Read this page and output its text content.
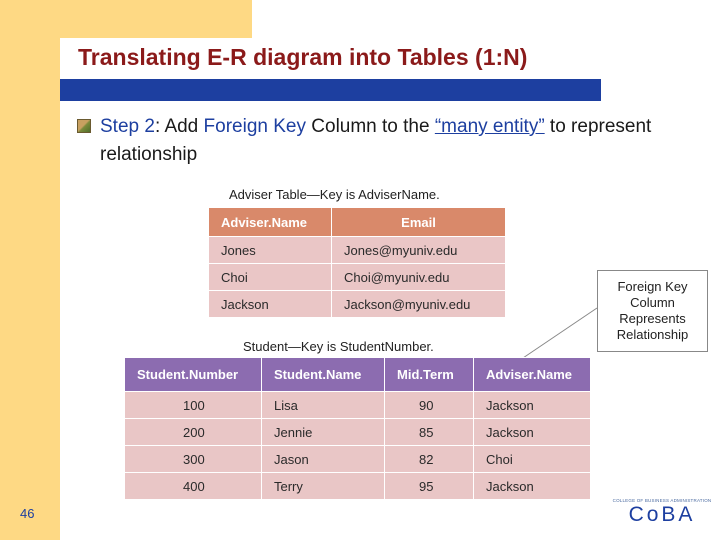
Translating E-R diagram into Tables (1:N)
Step 2: Add Foreign Key Column to the “many entity” to represent relationship
Adviser Table—Key is AdviserName.
Adviser.Name	Email
Jones	Jones@myuniv.edu
Choi	Choi@myuniv.edu
Jackson	Jackson@myuniv.edu
Foreign Key
Column
Represents
Relationship
Student—Key is StudentNumber.
Student.Number	Student.Name	Mid.Term	Adviser.Name
100	Lisa	90	Jackson
200	Jennie	85	Jackson
300	Jason	82	Choi
400	Terry	95	Jackson
46
COLLEGE OF BUSINESS ADMINISTRATION
CoBA
